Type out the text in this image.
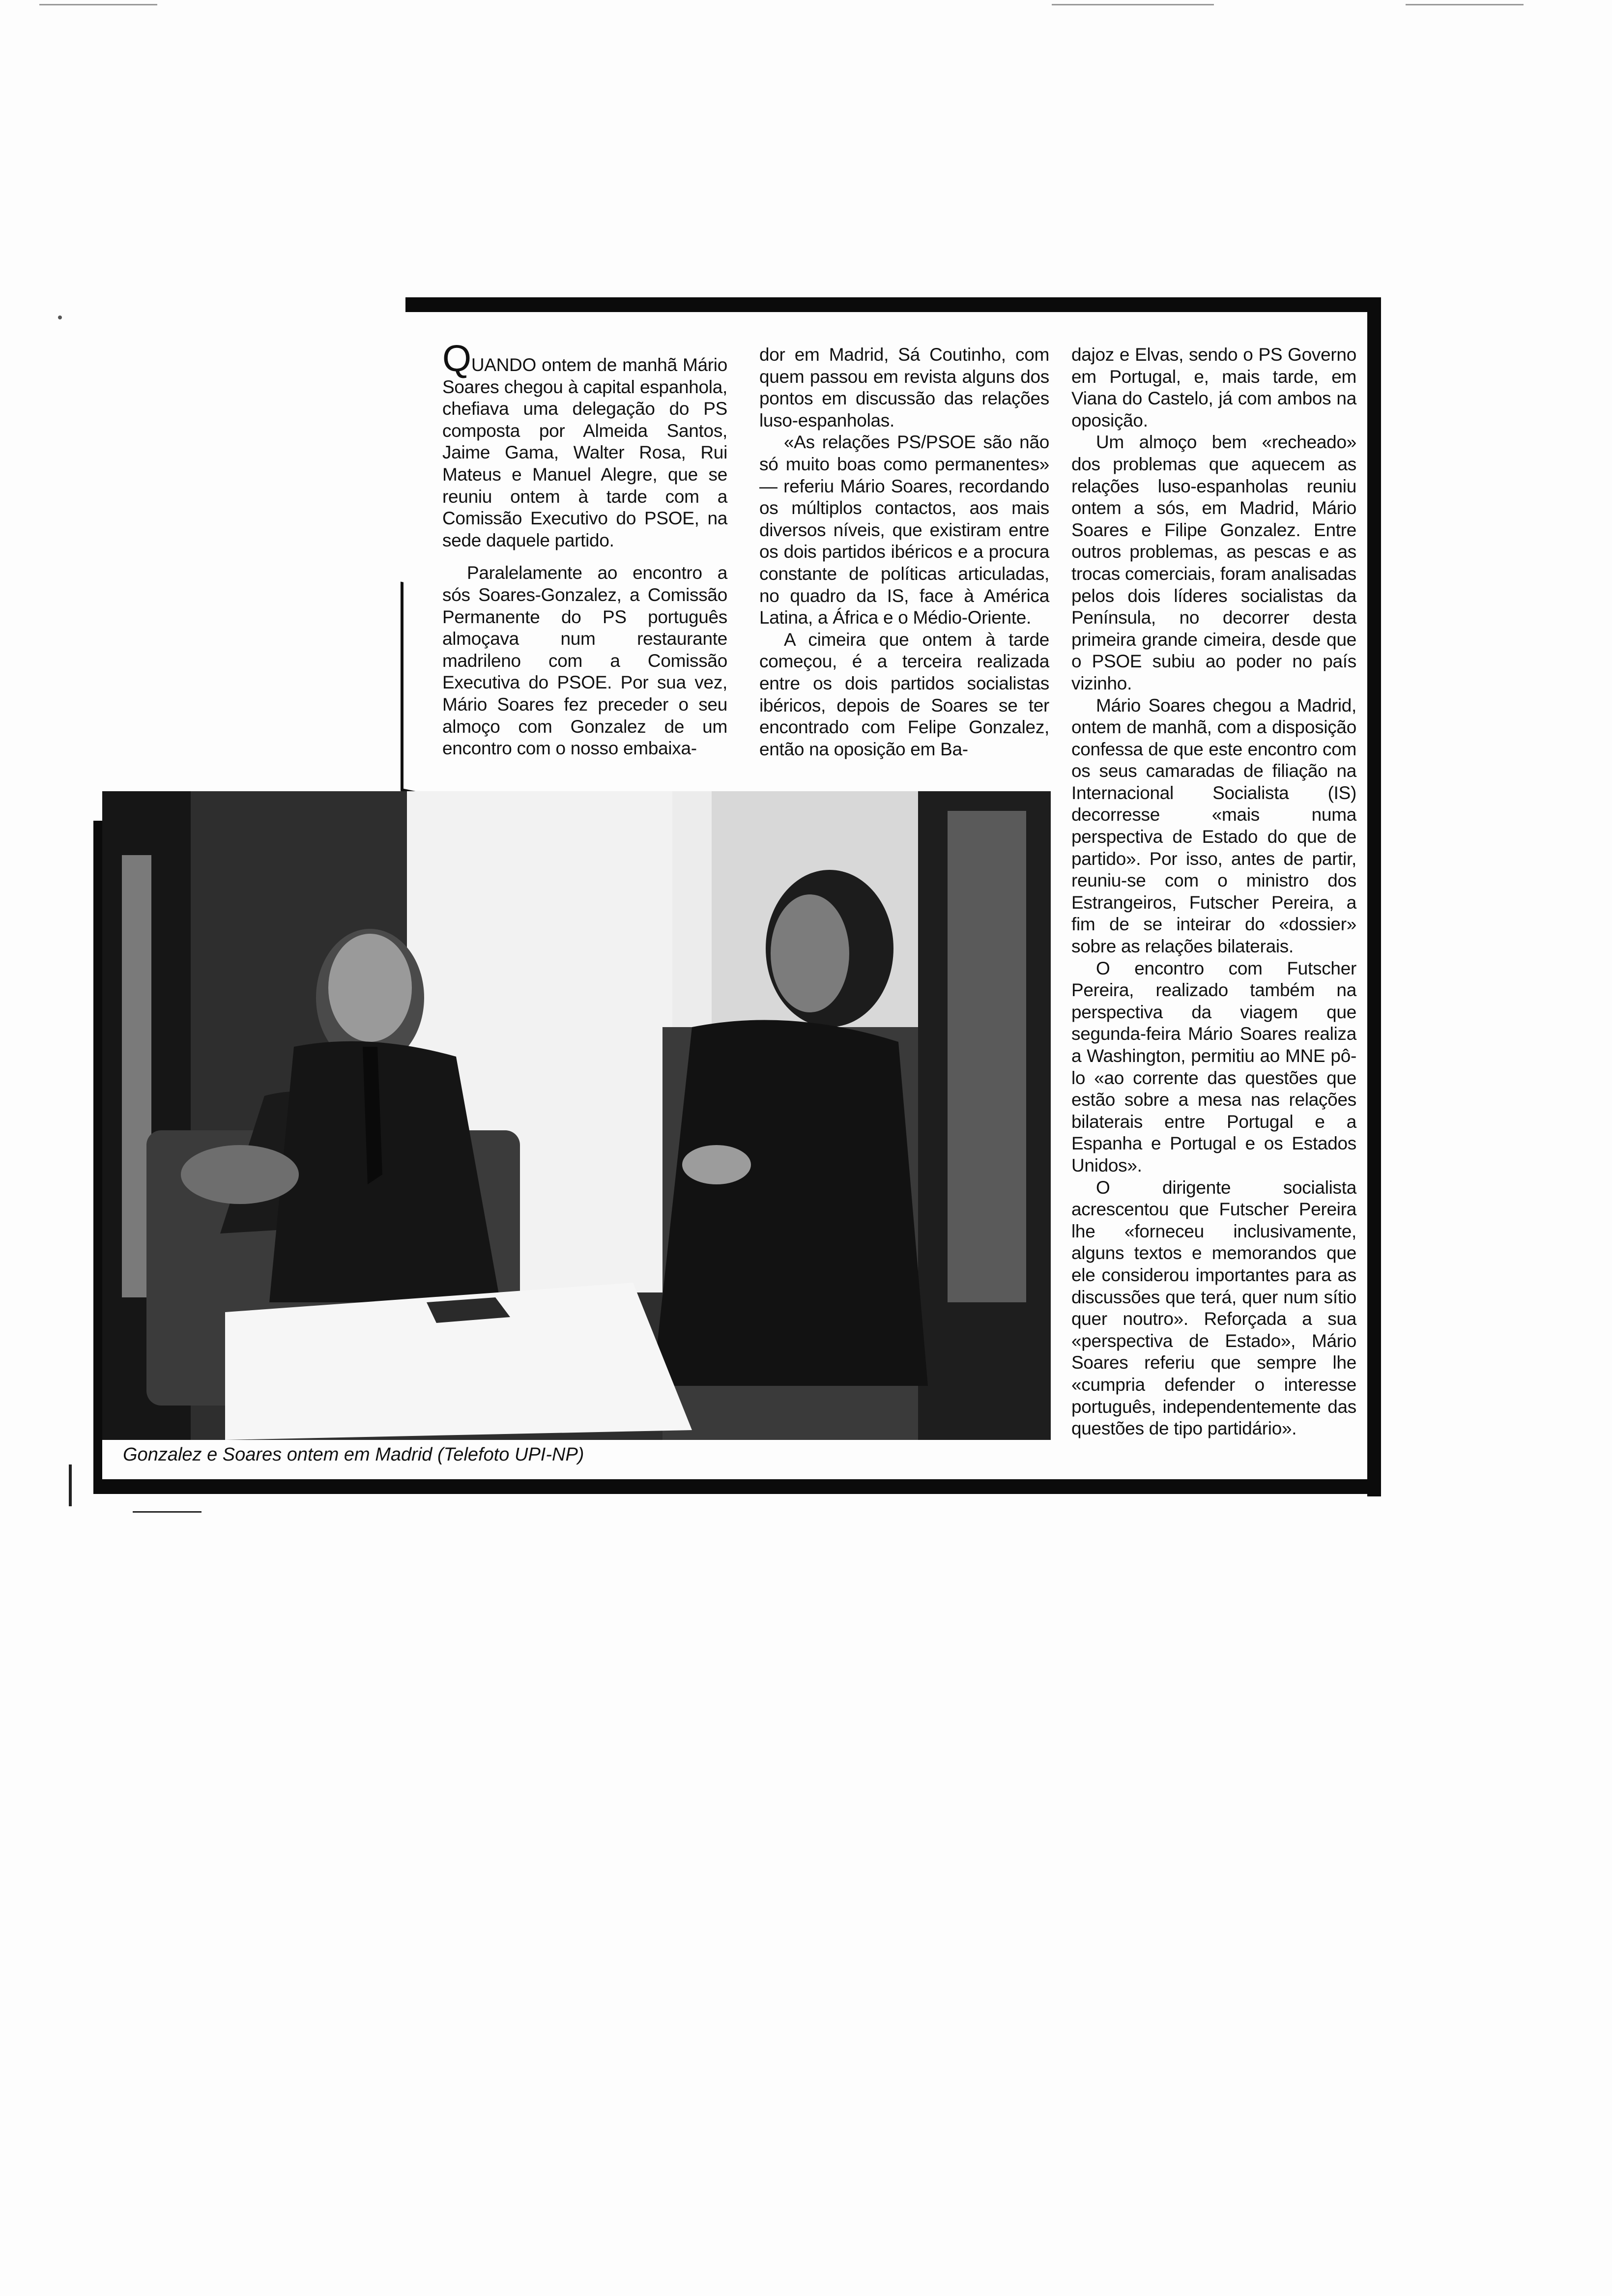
QUANDO ontem de manhã Mário Soares chegou à capital espanhola, chefiava uma delegação do PS composta por Almeida Santos, Jaime Gama, Walter Rosa, Rui Mateus e Manuel Alegre, que se reuniu ontem à tarde com a Comissão Executivo do PSOE, na sede daquele partido.

Paralelamente ao encontro a sós Soares-Gonzalez, a Comissão Permanente do PS português almoçava num restaurante madrileno com a Comissão Executiva do PSOE. Por sua vez, Mário Soares fez preceder o seu almoço com Gonzalez de um encontro com o nosso embaixa-

dor em Madrid, Sá Coutinho, com quem passou em revista alguns dos pontos em discussão das relações luso-espanholas.

«As relações PS/PSOE são não só muito boas como permanentes» — referiu Mário Soares, recordando os múltiplos contactos, aos mais diversos níveis, que existiram entre os dois partidos ibéricos e a procura constante de políticas articuladas, no quadro da IS, face à América Latina, a África e o Médio-Oriente.

A cimeira que ontem à tarde começou, é a terceira realizada entre os dois partidos socialistas ibéricos, depois de Soares se ter encontrado com Felipe Gonzalez, então na oposição em Ba-

dajoz e Elvas, sendo o PS Governo em Portugal, e, mais tarde, em Viana do Castelo, já com ambos na oposição.

Um almoço bem «recheado» dos problemas que aquecem as relações luso-espanholas reuniu ontem a sós, em Madrid, Mário Soares e Filipe Gonzalez. Entre outros problemas, as pescas e as trocas comerciais, foram analisadas pelos dois líderes socialistas da Península, no decorrer desta primeira grande cimeira, desde que o PSOE subiu ao poder no país vizinho.

Mário Soares chegou a Madrid, ontem de manhã, com a disposição confessa de que este encontro com os seus camaradas de filiação na Internacional Socialista (IS) decorresse «mais numa perspectiva de Estado do que de partido». Por isso, antes de partir, reuniu-se com o ministro dos Estrangeiros, Futscher Pereira, a fim de se inteirar do «dossier» sobre as relações bilaterais.

O encontro com Futscher Pereira, realizado também na perspectiva da viagem que segunda-feira Mário Soares realiza a Washington, permitiu ao MNE pô-lo «ao corrente das questões que estão sobre a mesa nas relações bilaterais entre Portugal e a Espanha e Portugal e os Estados Unidos».

O dirigente socialista acrescentou que Futscher Pereira lhe «forneceu inclusivamente, alguns textos e memorandos que ele considerou importantes para as discussões que terá, quer num sítio quer noutro». Reforçada a sua «perspectiva de Estado», Mário Soares referiu que sempre lhe «cumpria defender o interesse português, independentemente das questões de tipo partidário».

Gonzalez e Soares ontem em Madrid (Telefoto UPI-NP)
